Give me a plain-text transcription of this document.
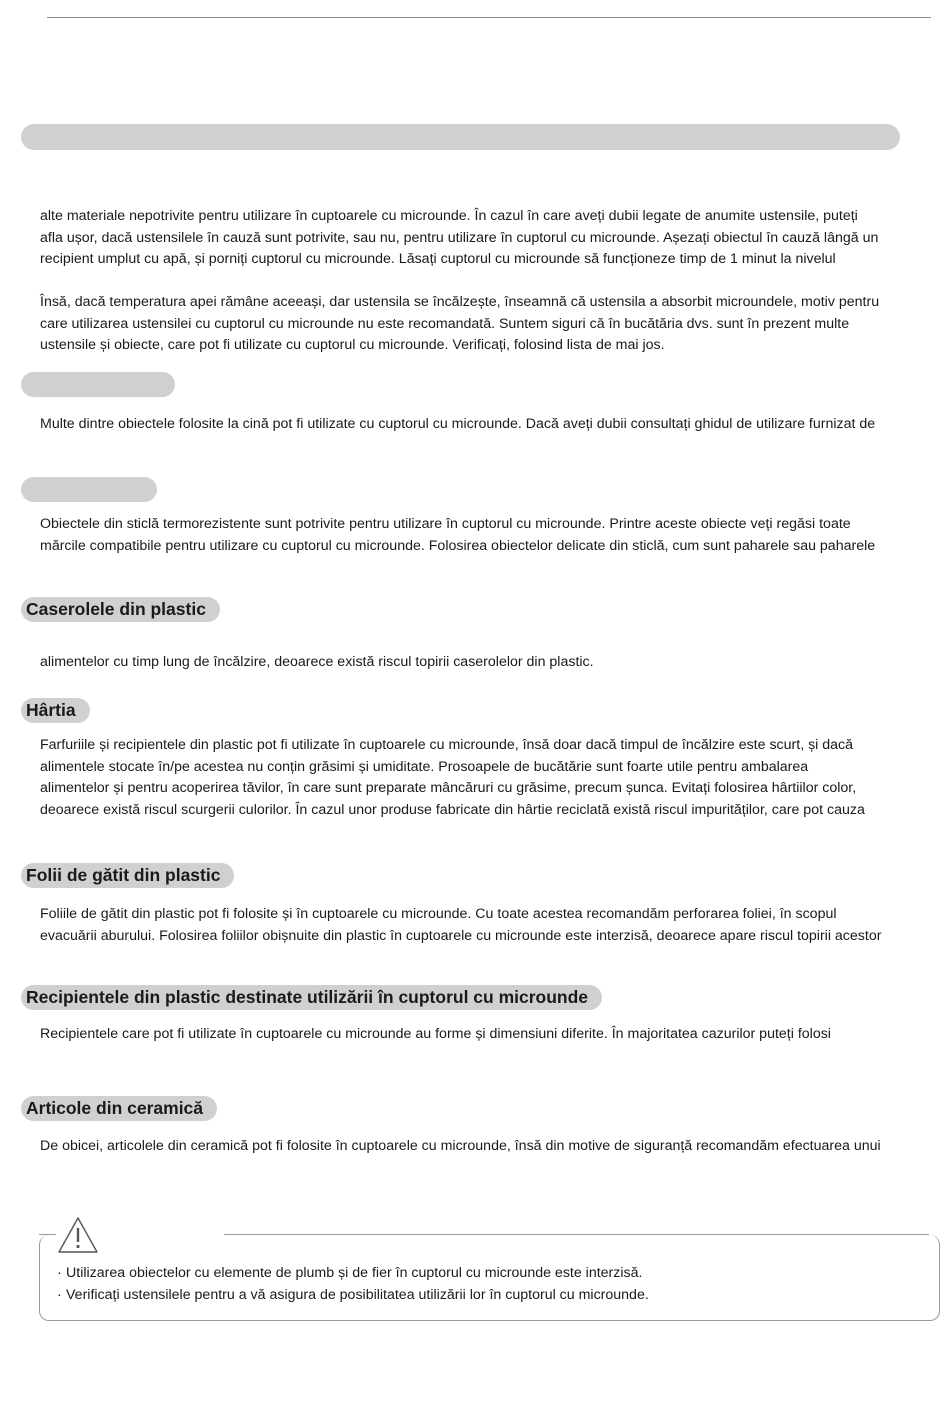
alte materiale nepotrivite pentru utilizare în cuptoarele cu microunde. În cazul în care aveți dubii legate de anumite ustensile, puteți
afla ușor, dacă ustensilele în cauză sunt potrivite, sau nu, pentru utilizare în cuptorul cu microunde. Așezați obiectul în cauză lângă un
recipient umplut cu apă, și porniți cuptorul cu microunde. Lăsați cuptorul cu microunde să funcționeze timp de 1 minut la nivelul

Însă, dacă temperatura apei rămâne aceeași, dar ustensila se încălzește, înseamnă că ustensila a absorbit microundele, motiv pentru
care utilizarea ustensilei cu cuptorul cu microunde nu este recomandată. Suntem siguri că în bucătăria dvs. sunt în prezent multe
ustensile și obiecte, care pot fi utilizate cu cuptorul cu microunde. Verificați, folosind lista de mai jos.

Multe dintre obiectele folosite la cină pot fi utilizate cu cuptorul cu microunde. Dacă aveți dubii consultați ghidul de utilizare furnizat de

Obiectele din sticlă termorezistente sunt potrivite pentru utilizare în cuptorul cu microunde. Printre aceste obiecte veți regăsi toate
mărcile compatibile pentru utilizare cu cuptorul cu microunde. Folosirea obiectelor delicate din sticlă, cum sunt paharele sau paharele

Caserolele din plastic

alimentelor cu timp lung de încălzire, deoarece există riscul topirii caserolelor din plastic.

Hârtia

Farfuriile și recipientele din plastic pot fi utilizate în cuptoarele cu microunde, însă doar dacă timpul de încălzire este scurt, și dacă
alimentele stocate în/pe acestea nu conțin grăsimi și umiditate. Prosoapele de bucătărie sunt foarte utile pentru ambalarea
alimentelor și pentru acoperirea tăvilor, în care sunt preparate mâncăruri cu grăsime, precum șunca. Evitați folosirea hârtiilor color,
deoarece există riscul scurgerii culorilor. În cazul unor produse fabricate din hârtie reciclată există riscul impurităților, care pot cauza

Folii de gătit din plastic

Foliile de gătit din plastic pot fi folosite și în cuptoarele cu microunde. Cu toate acestea recomandăm perforarea foliei, în scopul
evacuării aburului. Folosirea foliilor obișnuite din plastic în cuptoarele cu microunde este interzisă, deoarece apare riscul topirii acestor

Recipientele din plastic destinate utilizării în cuptorul cu microunde

Recipientele care pot fi utilizate în cuptoarele cu microunde au forme și dimensiuni diferite. În majoritatea cazurilor puteți folosi

Articole din ceramică

De obicei, articolele din ceramică pot fi folosite în cuptoarele cu microunde, însă din motive de siguranță recomandăm efectuarea unui

· Utilizarea obiectelor cu elemente de plumb și de fier în cuptorul cu microunde este interzisă.
· Verificați ustensilele pentru a vă asigura de posibilitatea utilizării lor în cuptorul cu microunde.
